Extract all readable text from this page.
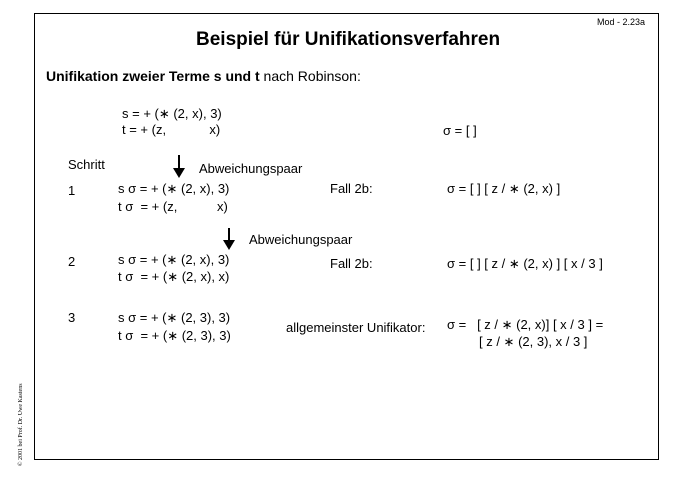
Mod - 2.23a
Beispiel für Unifikationsverfahren
Unifikation zweier Terme s und t nach Robinson:
s = + (∗ (2, x), 3)
t = + (z,            x)	σ = [ ]
Schritt	Abweichungspaar
1	s σ = + (∗ (2, x), 3)
t σ  = + (z,           x)
Fall 2b:	σ = [ ] [ z / ∗ (2, x) ]
Abweichungspaar
2	s σ = + (∗ (2, x), 3)
t σ  = + (∗ (2, x), x)
Fall 2b:	σ = [ ] [ z / ∗ (2, x) ] [ x / 3 ]
3	s σ = + (∗ (2, 3), 3)
t σ  = + (∗ (2, 3), 3)
allgemeinster Unifikator: σ =   [ z / ∗ (2, x)] [ x / 3 ] =
[ z / ∗ (2, 3), x / 3 ]
© 2001 bei Prof. Dr. Uwe Kastens
